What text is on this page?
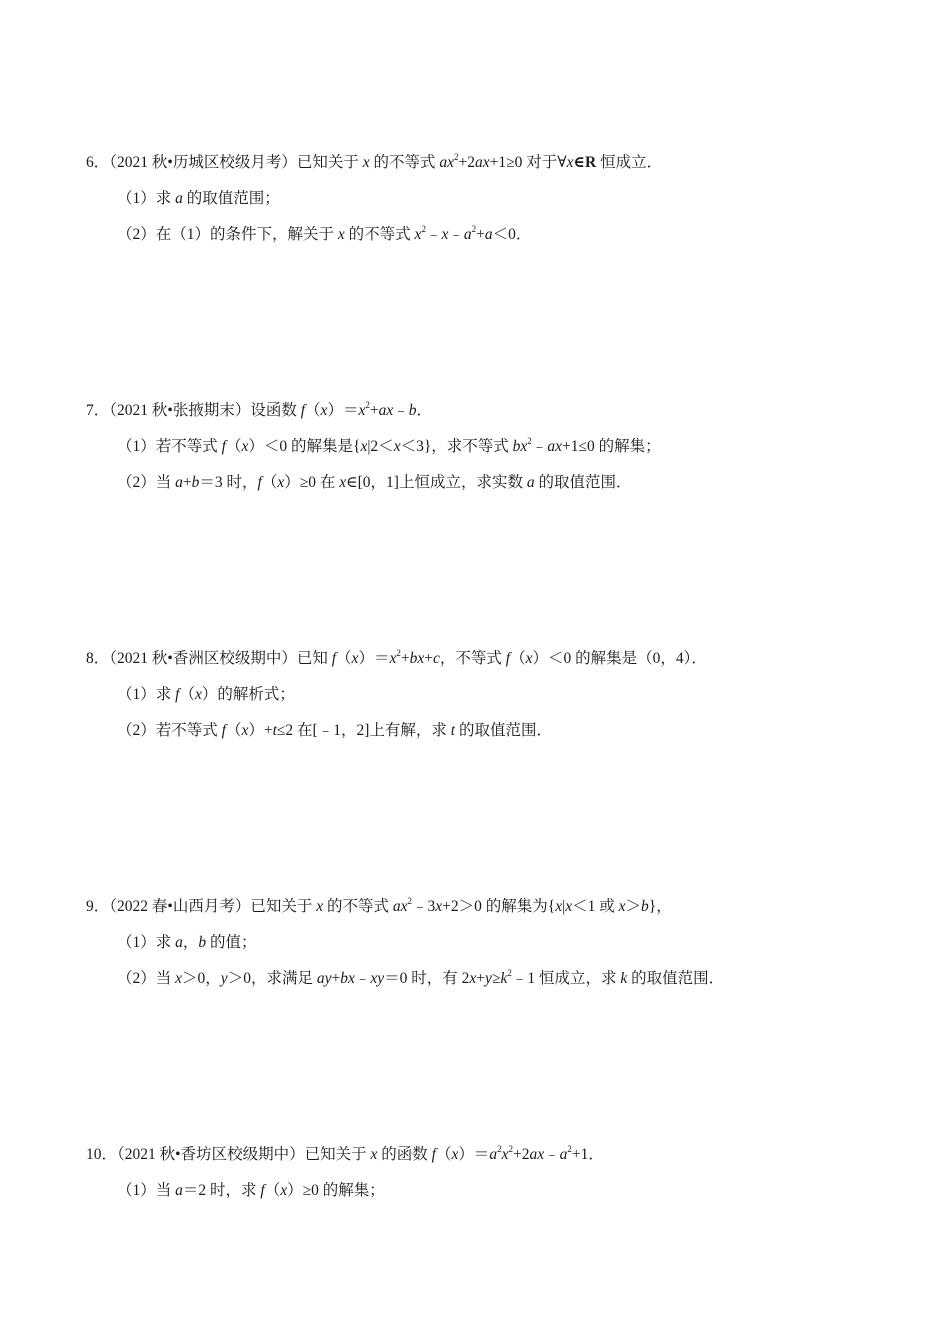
6．（2021 秋•历城区校级月考）已知关于 x 的不等式 $ax^2+2ax+1\ge 0$ 对于∀x∈R 恒成立．
（1）求 a 的取值范围；
（2）在（1）的条件下，解关于 x 的不等式 $x^2﹣x﹣a^2+a<0$．
7．（2021 秋•张掖期末）设函数 $f(x)=x^2+ax﹣b$．
（1）若不等式 f（x）＜0 的解集是{x|2＜x＜3}，求不等式 $bx^2﹣ax+1\le 0$ 的解集；
（2）当 a+b＝3 时，f（x）≥0 在 x∈[0，1]上恒成立，求实数 a 的取值范围．
8．（2021 秋•香洲区校级期中）已知 $f(x)=x^2+bx+c$，不等式 f（x）＜0 的解集是（0，4）．
（1）求 f（x）的解析式；
（2）若不等式 f（x）+t≤2 在[﹣1，2]上有解，求 t 的取值范围．
9．（2022 春•山西月考）已知关于 x 的不等式 $ax^2﹣3x+2>0$ 的解集为{x|x＜1 或 x＞b}，
（1）求 a，b 的值；
（2）当 x＞0，y＞0，求满足 ay+bx﹣xy＝0 时，有 $2x+y\ge k^2﹣1$ 恒成立，求 k 的取值范围．
10．（2021 秋•香坊区校级期中）已知关于 x 的函数 $f(x)=a^2x^2+2ax﹣a^2+1$．
（1）当 a＝2 时，求 f（x）≥0 的解集；
